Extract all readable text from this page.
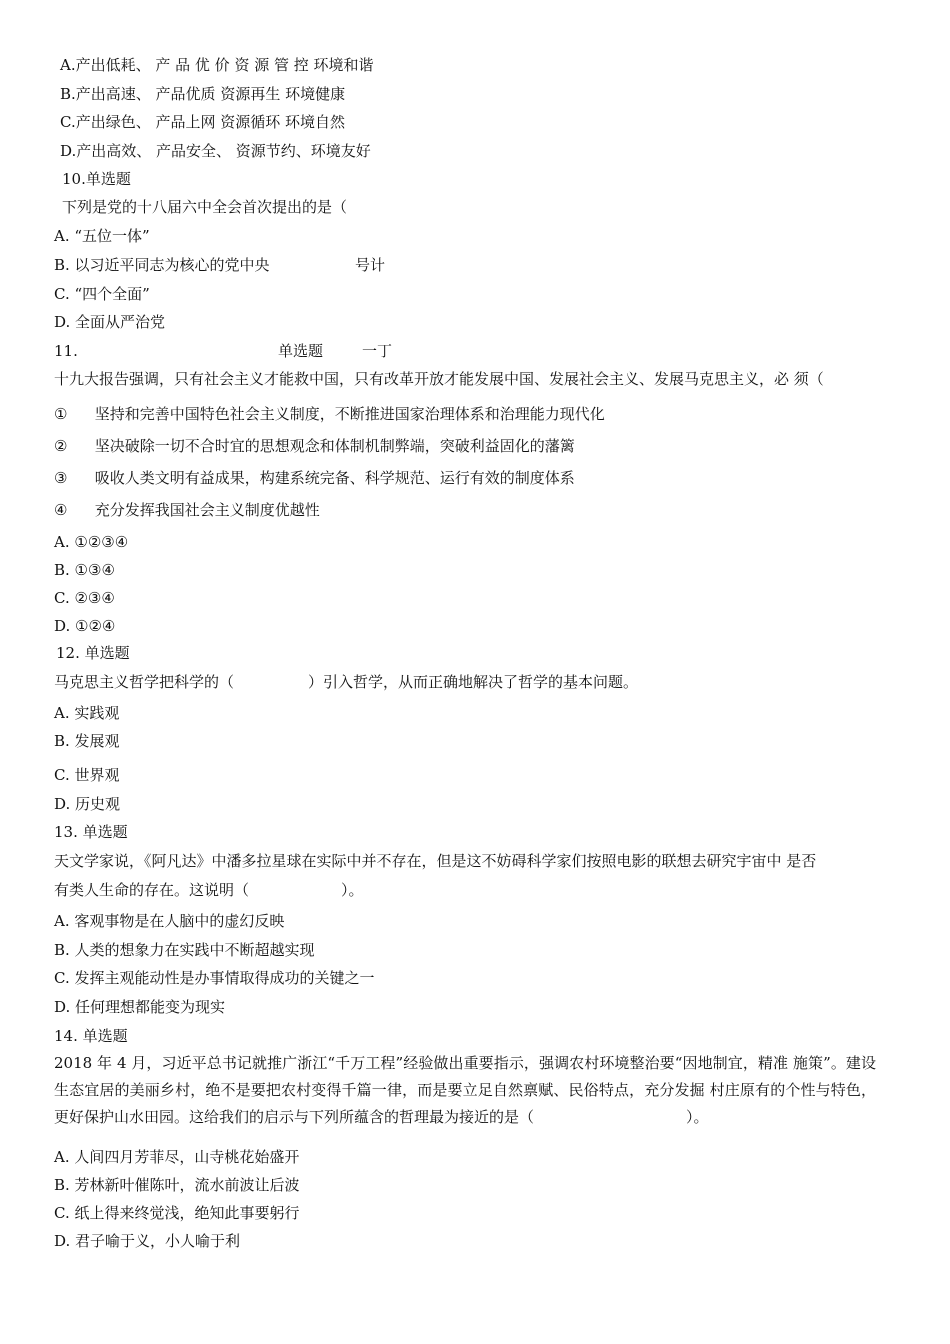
A.产出低耗、 产 品 优 价 资 源 管 控 环境和谐
B.产出高速、 产品优质 资源再生 环境健康
C.产出绿色、 产品上网 资源循环 环境自然
D.产出高效、 产品安全、 资源节约、环境友好
10.单选题
下列是党的十八届六中全会首次提出的是（
A. “五位一体”
B. 以习近平同志为核心的党中央	号计
C. “四个全面”
D. 全面从严治党
11.	单选题	一丁
十九大报告强调，只有社会主义才能救中国，只有改革开放才能发展中国、发展社会主义、发展马克思主义，必 须（
① 坚持和完善中国特色社会主义制度，不断推进国家治理体系和治理能力现代化
② 坚决破除一切不合时宜的思想观念和体制机制弊端，突破利益固化的藩篱
③ 吸收人类文明有益成果，构建系统完备、科学规范、运行有效的制度体系
④ 充分发挥我国社会主义制度优越性
A. ①②③④
B. ①③④
C. ②③④
D. ①②④
12. 单选题
马克思主义哲学把科学的（	）引入哲学，从而正确地解决了哲学的基本问题。
A. 实践观
B. 发展观
C. 世界观
D. 历史观
13. 单选题
天文学家说，《阿凡达》中潘多拉星球在实际中并不存在，但是这不妨碍科学家们按照电影的联想去研究宇宙中 是否
有类人生命的存在。这说明（	）。
A. 客观事物是在人脑中的虚幻反映
B. 人类的想象力在实践中不断超越实现
C. 发挥主观能动性是办事情取得成功的关键之一
D. 任何理想都能变为现实
14. 单选题
2018 年 4 月，习近平总书记就推广浙江“千万工程”经验做出重要指示，强调农村环境整治要“因地制宜，精准 施策”。建设生态宜居的美丽乡村，绝不是要把农村变得千篇一律，而是要立足自然禀赋、民俗特点，充分发掘 村庄原有的个性与特色，更好保护山水田园。这给我们的启示与下列所蕴含的哲理最为接近的是（	）。
A. 人间四月芳菲尽，山寺桃花始盛开
B. 芳林新叶催陈叶，流水前波让后波
C. 纸上得来终觉浅，绝知此事要躬行
D. 君子喻于义，小人喻于利
